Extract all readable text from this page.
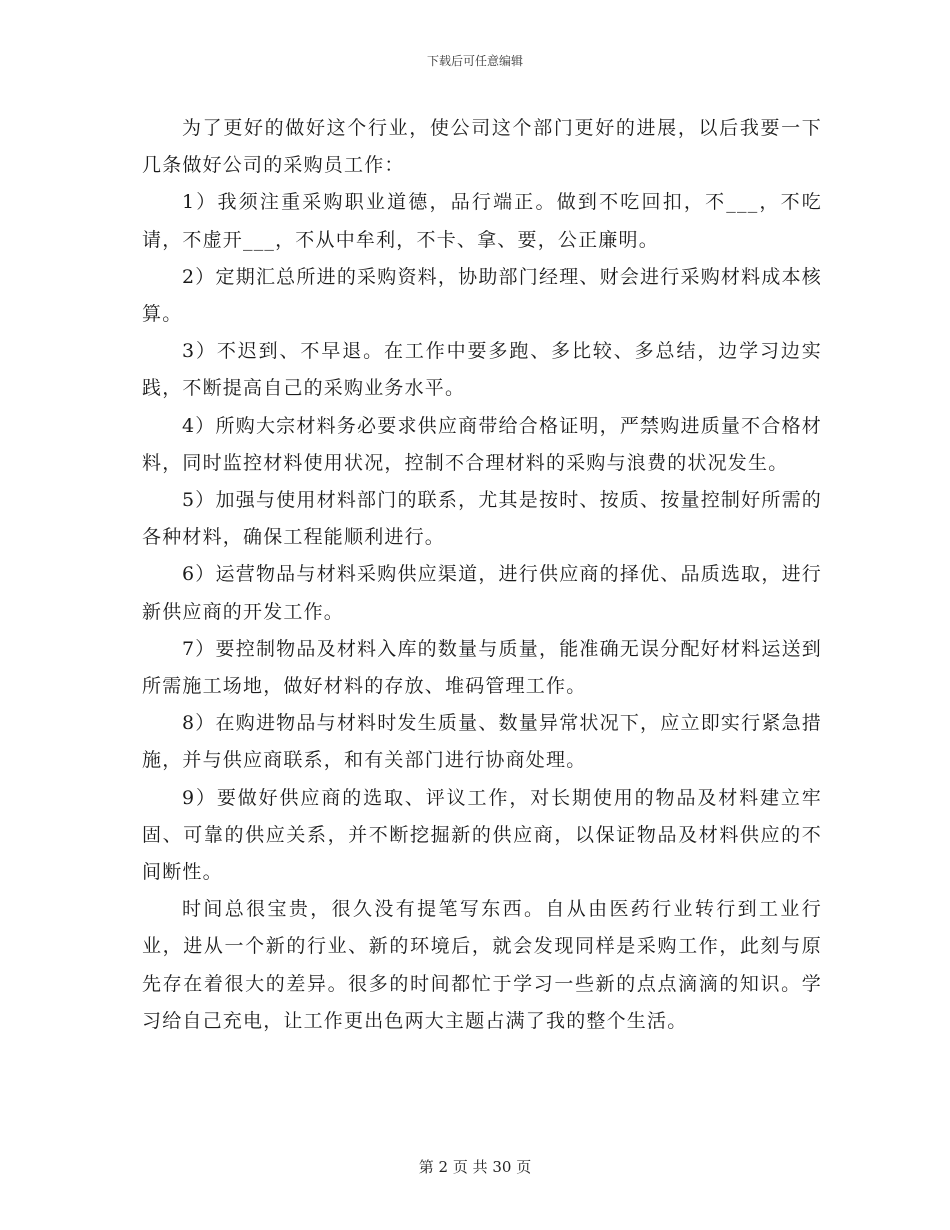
下载后可任意编辑

为了更好的做好这个行业，使公司这个部门更好的进展，以后我要一下几条做好公司的采购员工作：

1）我须注重采购职业道德，品行端正。做到不吃回扣，不___，不吃请，不虚开___，不从中牟利，不卡、拿、要，公正廉明。

2）定期汇总所进的采购资料，协助部门经理、财会进行采购材料成本核算。

3）不迟到、不早退。在工作中要多跑、多比较、多总结，边学习边实践，不断提高自己的采购业务水平。

4）所购大宗材料务必要求供应商带给合格证明，严禁购进质量不合格材料，同时监控材料使用状况，控制不合理材料的采购与浪费的状况发生。

5）加强与使用材料部门的联系，尤其是按时、按质、按量控制好所需的各种材料，确保工程能顺利进行。

6）运营物品与材料采购供应渠道，进行供应商的择优、品质选取，进行新供应商的开发工作。

7）要控制物品及材料入库的数量与质量，能准确无误分配好材料运送到所需施工场地，做好材料的存放、堆码管理工作。

8）在购进物品与材料时发生质量、数量异常状况下，应立即实行紧急措施，并与供应商联系，和有关部门进行协商处理。

9）要做好供应商的选取、评议工作，对长期使用的物品及材料建立牢固、可靠的供应关系，并不断挖掘新的供应商，以保证物品及材料供应的不间断性。

时间总很宝贵，很久没有提笔写东西。自从由医药行业转行到工业行业，进从一个新的行业、新的环境后，就会发现同样是采购工作，此刻与原先存在着很大的差异。很多的时间都忙于学习一些新的点点滴滴的知识。学习给自己充电，让工作更出色两大主题占满了我的整个生活。

第 2 页 共 30 页
